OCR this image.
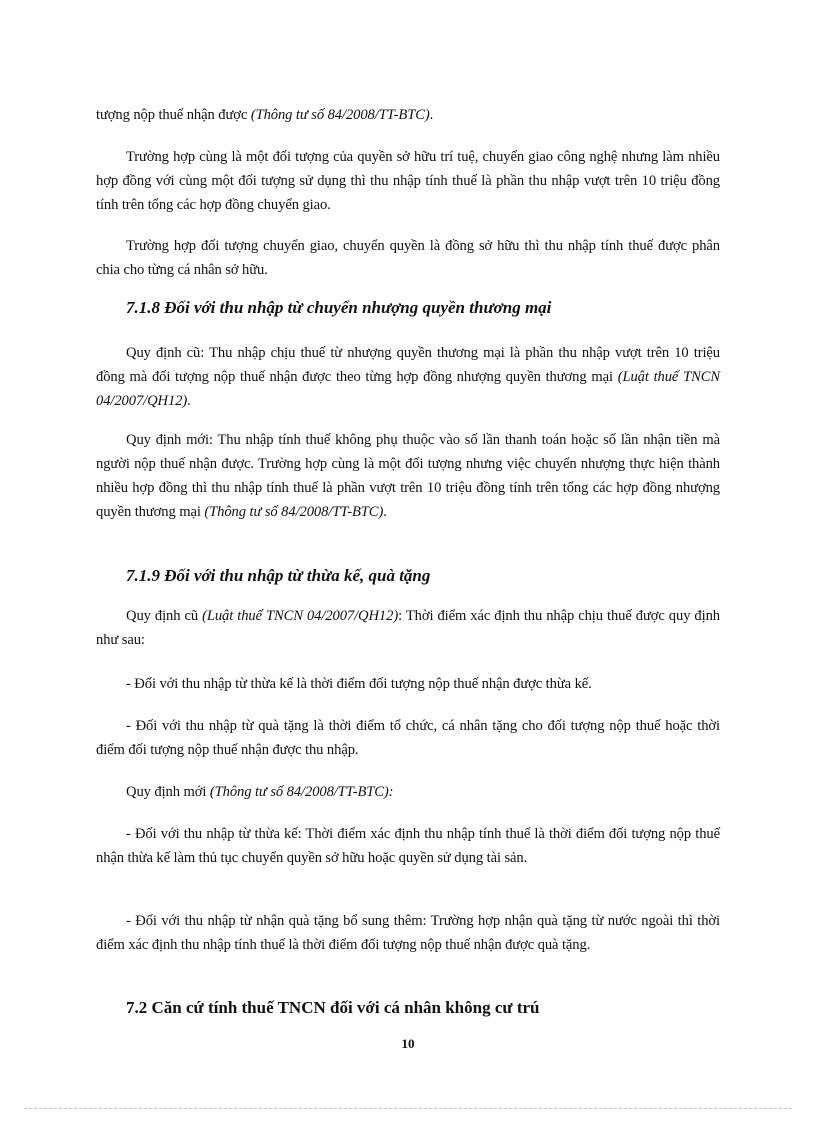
tượng nộp thuế nhận được (Thông tư số 84/2008/TT-BTC).

Trường hợp cùng là một đối tượng của quyền sở hữu trí tuệ, chuyển giao công nghệ nhưng làm nhiều hợp đồng với cùng một đối tượng sử dụng thì thu nhập tính thuế là phần thu nhập vượt trên 10 triệu đồng tính trên tổng các hợp đồng chuyển giao.

Trường hợp đối tượng chuyển giao, chuyển quyền là đồng sở hữu thì thu nhập tính thuế được phân chia cho từng cá nhân sở hữu.

7.1.8 Đối với thu nhập từ chuyển nhượng quyền thương mại

Quy định cũ: Thu nhập chịu thuế từ nhượng quyền thương mại là phần thu nhập vượt trên 10 triệu đồng mà đối tượng nộp thuế nhận được theo từng hợp đồng nhượng quyền thương mại (Luật thuế TNCN 04/2007/QH12).

Quy định mới: Thu nhập tính thuế không phụ thuộc vào số lần thanh toán hoặc số lần nhận tiền mà người nộp thuế nhận được. Trường hợp cùng là một đối tượng nhưng việc chuyển nhượng thực hiện thành nhiều hợp đồng thì thu nhập tính thuế là phần vượt trên 10 triệu đồng tính trên tổng các hợp đồng nhượng quyền thương mại (Thông tư số 84/2008/TT-BTC).

7.1.9 Đối với thu nhập từ thừa kế, quà tặng

Quy định cũ (Luật thuế TNCN 04/2007/QH12): Thời điểm xác định thu nhập chịu thuế được quy định như sau:

- Đối với thu nhập từ thừa kế là thời điểm đối tượng nộp thuế nhận được thừa kế.

- Đối với thu nhập từ quà tặng là thời điểm tổ chức, cá nhân tặng cho đối tượng nộp thuế hoặc thời điểm đối tượng nộp thuế nhận được thu nhập.

Quy định mới (Thông tư số 84/2008/TT-BTC):

- Đối với thu nhập từ thừa kế: Thời điểm xác định thu nhập tính thuế là thời điểm đối tượng nộp thuế nhận thừa kế làm thủ tục chuyển quyền sở hữu hoặc quyền sử dụng tài sản.

- Đối với thu nhập từ nhận quà tặng bổ sung thêm: Trường hợp nhận quà tặng từ nước ngoài thì thời điểm xác định thu nhập tính thuế là thời điểm đối tượng nộp thuế nhận được quà tặng.

7.2 Căn cứ tính thuế TNCN đối với cá nhân không cư trú
10
